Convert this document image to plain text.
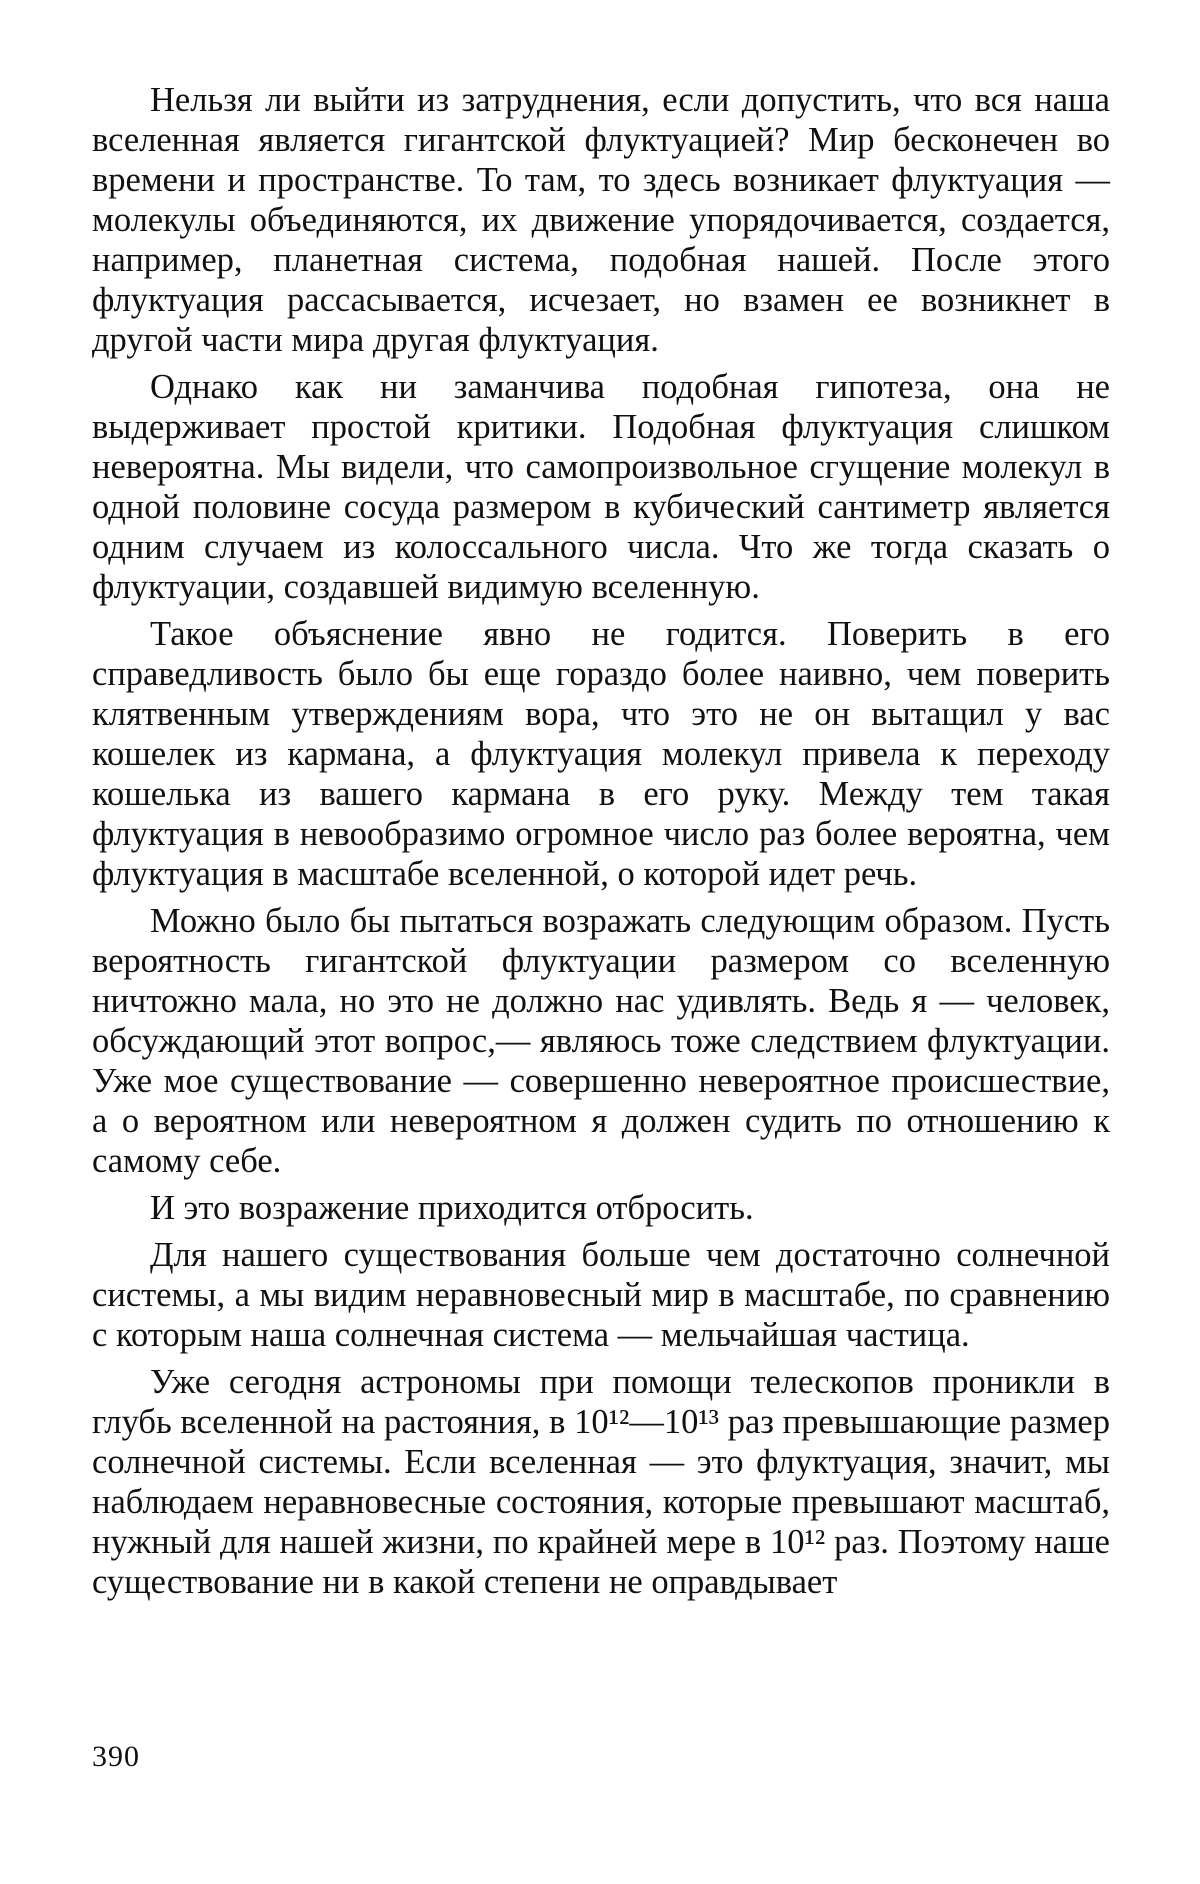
Нельзя ли выйти из затруднения, если допустить, что вся наша вселенная является гигантской флуктуацией? Мир бесконечен во времени и пространстве. То там, то здесь возникает флуктуация — молекулы объединяются, их движение упорядочивается, создается, например, планетная система, подобная нашей. После этого флуктуация рассасывается, исчезает, но взамен ее возникнет в другой части мира другая флуктуация.

Однако как ни заманчива подобная гипотеза, она не выдерживает простой критики. Подобная флуктуация слишком невероятна. Мы видели, что самопроизвольное сгущение молекул в одной половине сосуда размером в кубический сантиметр является одним случаем из колоссального числа. Что же тогда сказать о флуктуации, создавшей видимую вселенную.

Такое объяснение явно не годится. Поверить в его справедливость было бы еще гораздо более наивно, чем поверить клятвенным утверждениям вора, что это не он вытащил у вас кошелек из кармана, а флуктуация молекул привела к переходу кошелька из вашего кармана в его руку. Между тем такая флуктуация в невообразимо огромное число раз более вероятна, чем флуктуация в масштабе вселенной, о которой идет речь.

Можно было бы пытаться возражать следующим образом. Пусть вероятность гигантской флуктуации размером со вселенную ничтожно мала, но это не должно нас удивлять. Ведь я — человек, обсуждающий этот вопрос,— являюсь тоже следствием флуктуации. Уже мое существование — совершенно невероятное происшествие, а о вероятном или невероятном я должен судить по отношению к самому себе.

И это возражение приходится отбросить.

Для нашего существования больше чем достаточно солнечной системы, а мы видим неравновесный мир в масштабе, по сравнению с которым наша солнечная система — мельчайшая частица.

Уже сегодня астрономы при помощи телескопов проникли в глубь вселенной на растояния, в 10¹²—10¹³ раз превышающие размер солнечной системы. Если вселенная — это флуктуация, значит, мы наблюдаем неравновесные состояния, которые превышают масштаб, нужный для нашей жизни, по крайней мере в 10¹² раз. Поэтому наше существование ни в какой степени не оправдывает

390
